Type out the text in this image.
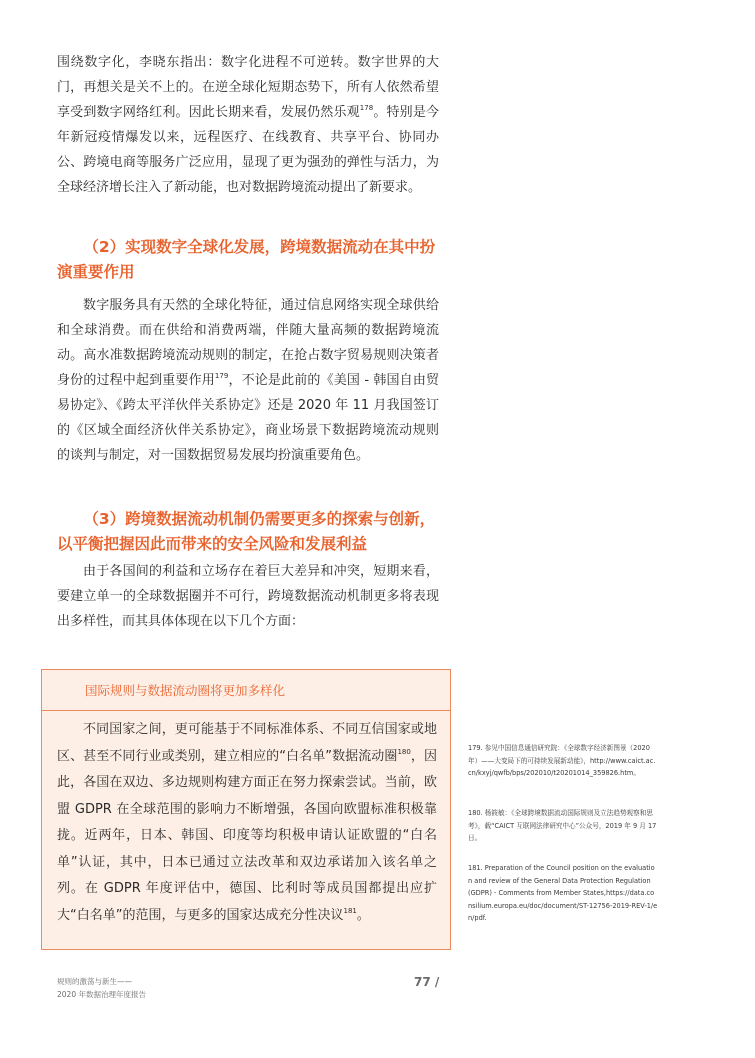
围绕数字化，李晓东指出：数字化进程不可逆转。数字世界的大门，再想关是关不上的。在逆全球化短期态势下，所有人依然希望享受到数字网络红利。因此长期来看，发展仍然乐观$^{178}$。特别是今年新冠疫情爆发以来，远程医疗、在线教育、共享平台、协同办公、跨境电商等服务广泛应用，显现了更为强劲的弹性与活力，为全球经济增长注入了新动能，也对数据跨境流动提出了新要求。

（2）实现数字全球化发展，跨境数据流动在其中扮演重要作用

数字服务具有天然的全球化特征，通过信息网络实现全球供给和全球消费。而在供给和消费两端，伴随大量高频的数据跨境流动。高水准数据跨境流动规则的制定，在抢占数字贸易规则决策者身份的过程中起到重要作用$^{179}$，不论是此前的《美国 - 韩国自由贸易协定》、《跨太平洋伙伴关系协定》还是 2020 年 11 月我国签订的《区域全面经济伙伴关系协定》，商业场景下数据跨境流动规则的谈判与制定，对一国数据贸易发展均扮演重要角色。

（3）跨境数据流动机制仍需要更多的探索与创新，以平衡把握因此而带来的安全风险和发展利益

由于各国间的利益和立场存在着巨大差异和冲突，短期来看，要建立单一的全球数据圈并不可行，跨境数据流动机制更多将表现出多样性，而其具体体现在以下几个方面：

国际规则与数据流动圈将更加多样化

不同国家之间，更可能基于不同标准体系、不同互信国家或地区、甚至不同行业或类别，建立相应的“白名单”数据流动圈$^{180}$，因此，各国在双边、多边规则构建方面正在努力探索尝试。当前，欧盟 GDPR 在全球范围的影响力不断增强，各国向欧盟标准积极靠拢。近两年，日本、韩国、印度等均积极申请认证欧盟的“白名单”认证，其中，日本已通过立法改革和双边承诺加入该名单之列。在 GDPR 年度评估中，德国、比利时等成员国都提出应扩大“白名单”的范围，与更多的国家达成充分性决议$^{181}$。

179. 参见中国信息通信研究院：《全球数字经济新图景（2020 年）——大变局下的可持续发展新动能》，http://www.caict.ac.cn/kxyj/qwfb/bps/202010/t20201014_359826.htm。

180. 杨筱敏：《全球跨境数据流动国际规则及立法趋势观察和思考》，载“CAICT 互联网法律研究中心”公众号，2019 年 9 月 17 日。

181. Preparation of the Council position on the evaluation and review of the General Data Protection Regulation (GDPR) - Comments from Member States,https://data.consilium.europa.eu/doc/document/ST-12756-2019-REV-1/en/pdf.

规则的激荡与新生——
2020 年数据治理年度报告
77 /
